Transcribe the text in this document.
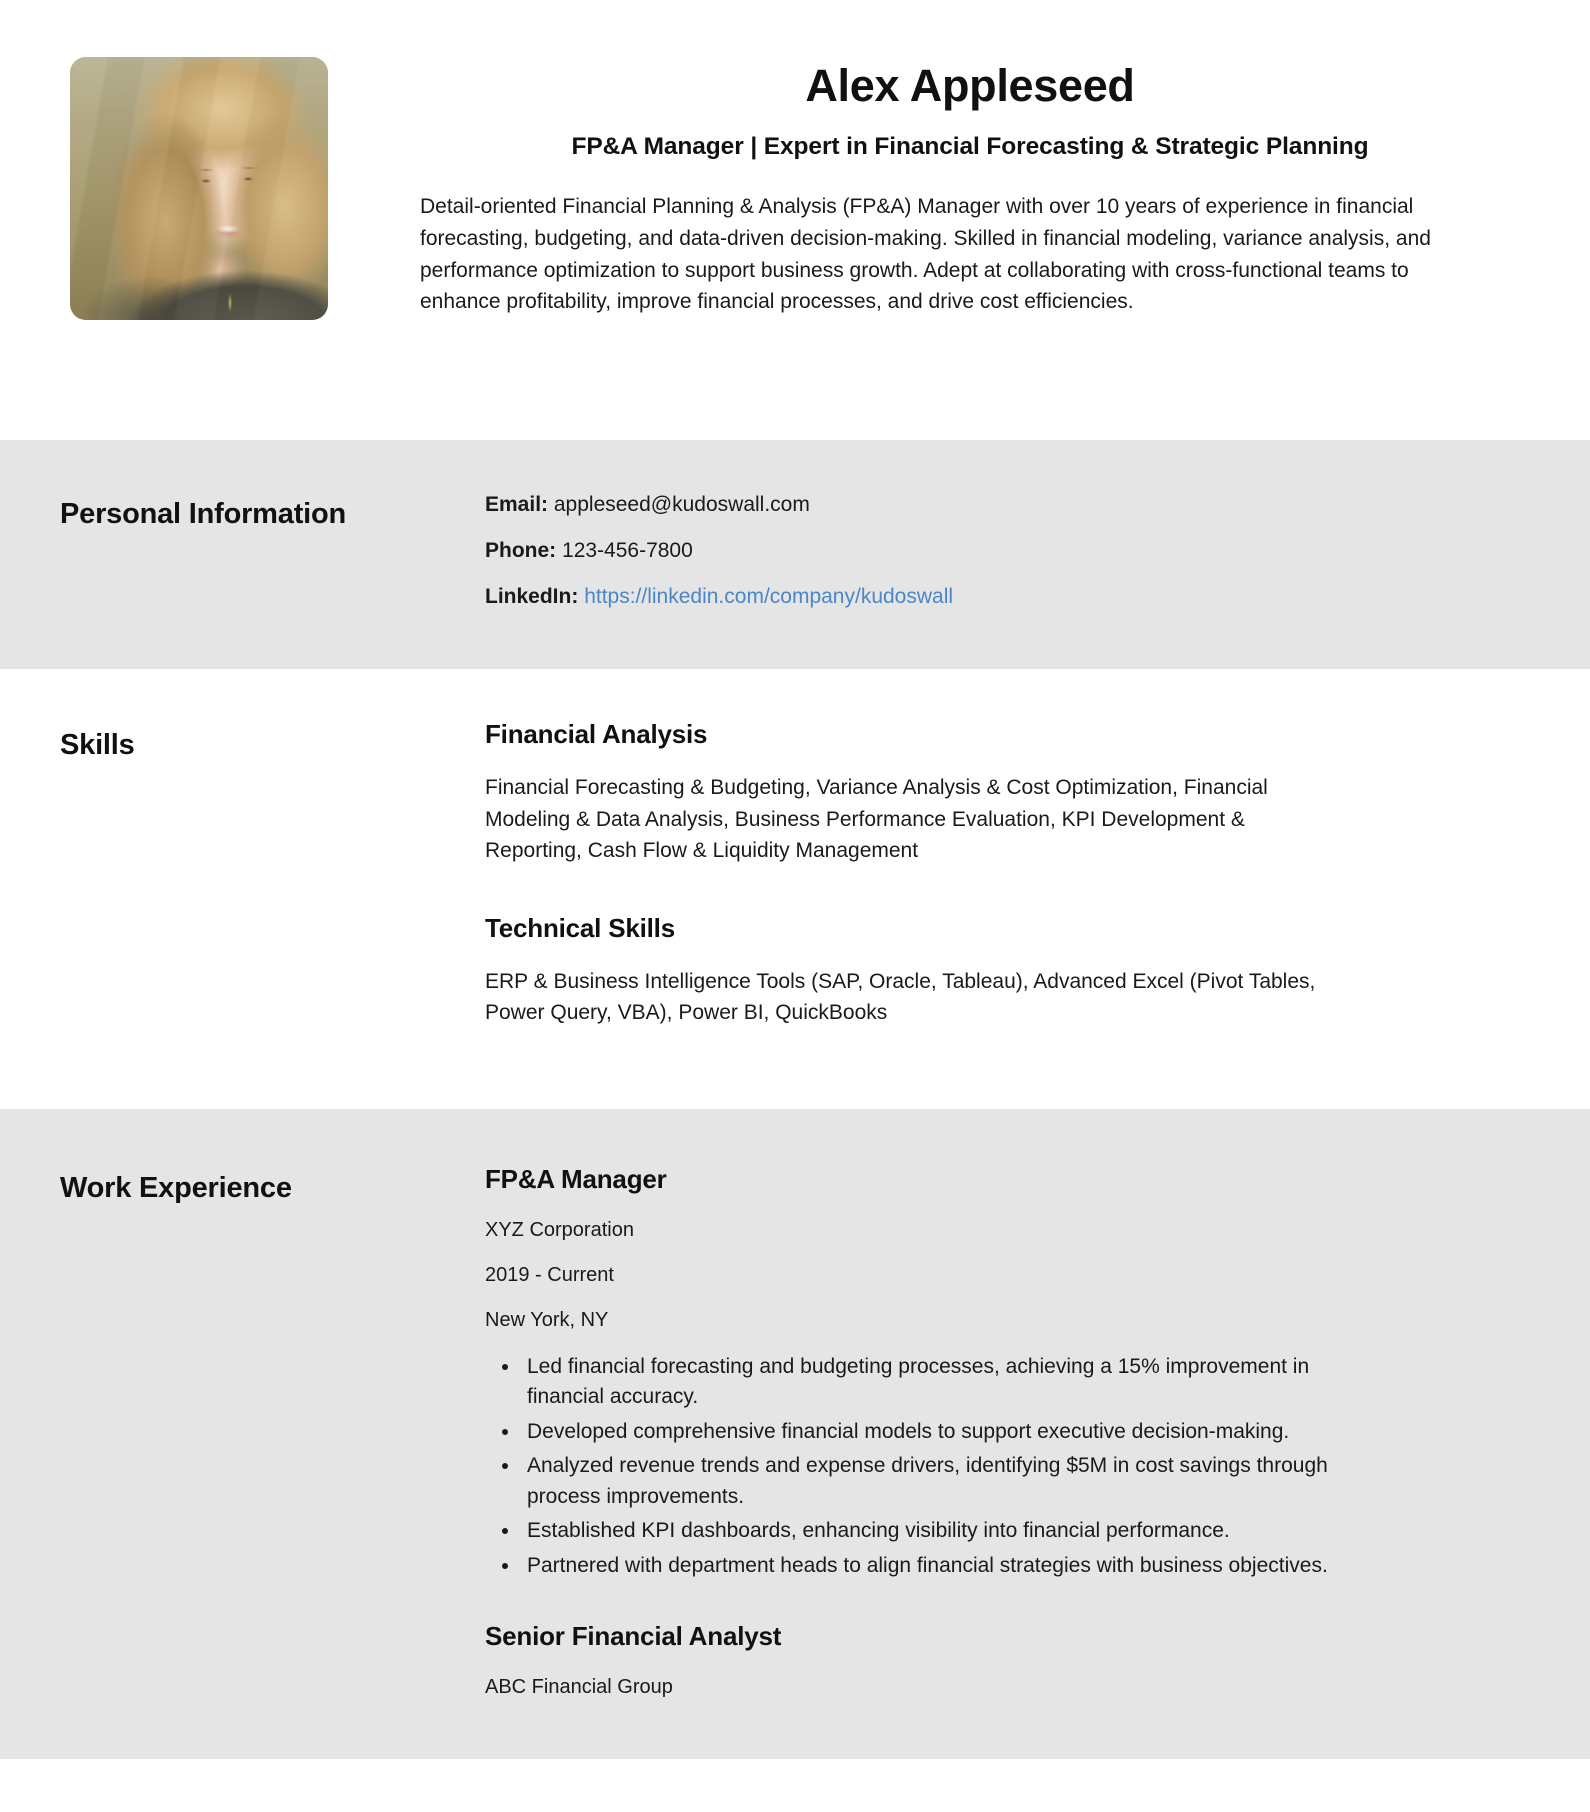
Alex Appleseed
FP&A Manager | Expert in Financial Forecasting & Strategic Planning
Detail-oriented Financial Planning & Analysis (FP&A) Manager with over 10 years of experience in financial forecasting, budgeting, and data-driven decision-making. Skilled in financial modeling, variance analysis, and performance optimization to support business growth. Adept at collaborating with cross-functional teams to enhance profitability, improve financial processes, and drive cost efficiencies.
Personal Information	Email: appleseed@kudoswall.com
Phone: 123-456-7800
LinkedIn: https://linkedin.com/company/kudoswall
Skills	Financial Analysis
Financial Forecasting & Budgeting, Variance Analysis & Cost Optimization, Financial Modeling & Data Analysis, Business Performance Evaluation, KPI Development & Reporting, Cash Flow & Liquidity Management
Technical Skills
ERP & Business Intelligence Tools (SAP, Oracle, Tableau), Advanced Excel (Pivot Tables, Power Query, VBA), Power BI, QuickBooks
Work Experience	FP&A Manager
XYZ Corporation
2019 - Current
New York, NY
• Led financial forecasting and budgeting processes, achieving a 15% improvement in financial accuracy.
• Developed comprehensive financial models to support executive decision-making.
• Analyzed revenue trends and expense drivers, identifying $5M in cost savings through process improvements.
• Established KPI dashboards, enhancing visibility into financial performance.
• Partnered with department heads to align financial strategies with business objectives.
Senior Financial Analyst
ABC Financial Group
